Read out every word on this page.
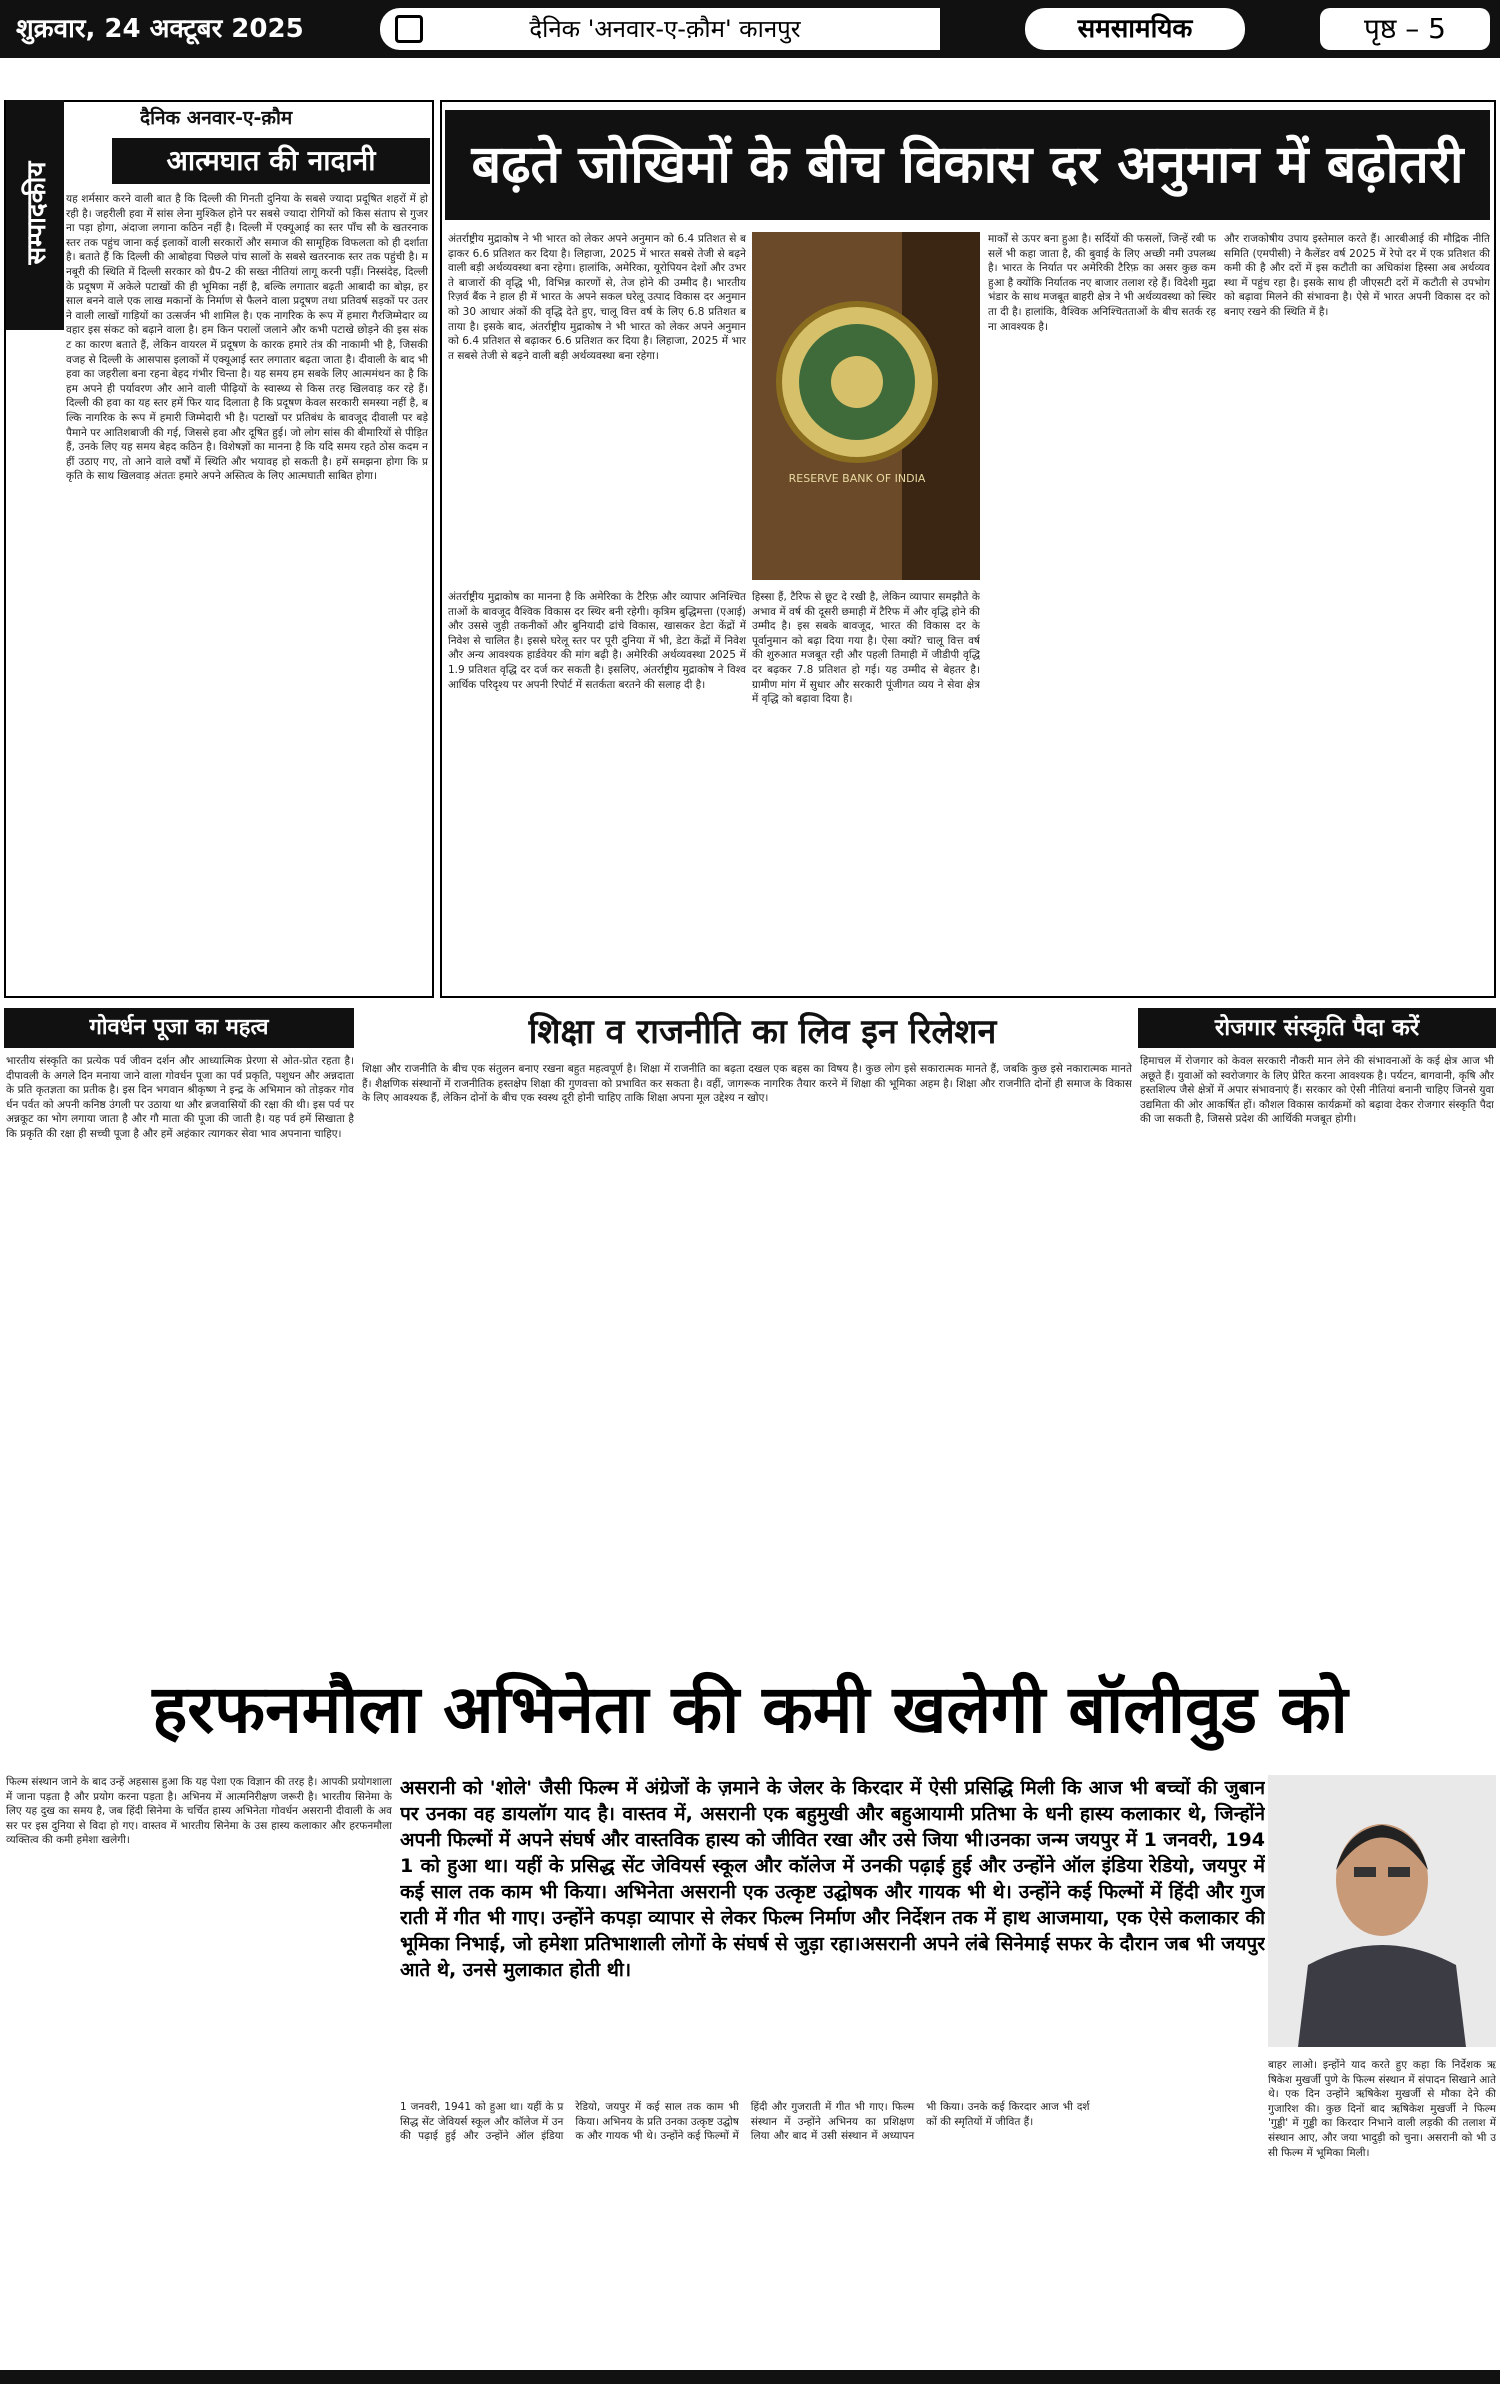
शुक्रवार, 24 अक्टूबर 2025	दैनिक 'अनवार-ए-क़ौम' कानपुर	समसामयिक	पृष्ठ – 5
सम्पादकीय
दैनिक अनवार-ए-क़ौम
आत्मघात की नादानी
यह शर्मसार करने वाली बात है कि दिल्ली की गिनती दुनिया के सबसे ज्यादा प्रदूषित शहरों में हो रही है। जहरीली हवा में सांस लेना मुश्किल होने पर सबसे ज्यादा रोगियों को किस संताप से गुजरना पड़ा होगा, अंदाजा लगाना कठिन नहीं है। दिल्ली में एक्यूआई का स्तर पाँच सौ के खतरनाक स्तर तक पहुंच जाना कई इलाकों वाली सरकारों और समाज की सामूहिक विफलता को ही दर्शाता है। बताते हैं कि दिल्ली की आबोहवा पिछले पांच सालों के सबसे खतरनाक स्तर तक पहुंची है। मनबूरी की स्थिति में दिल्ली सरकार को ग्रैप-2 की सख्त नीतियां लागू करनी पड़ीं। निस्संदेह, दिल्ली के प्रदूषण में अकेले पटाखों की ही भूमिका नहीं है, बल्कि लगातार बढ़ती आबादी का बोझ, हर साल बनने वाले एक लाख मकानों के निर्माण से फैलने वाला प्रदूषण तथा प्रतिवर्ष सड़कों पर उतरने वाली लाखों गाड़ियों का उत्सर्जन भी शामिल है। एक नागरिक के रूप में हमारा गैरजिम्मेदार व्यवहार इस संकट को बढ़ाने वाला है। हम किन परालों जलाने और कभी पटाखे छोड़ने की इस संकट का कारण बताते हैं, लेकिन वायरल में प्रदूषण के कारक हमारे तंत्र की नाकामी भी है, जिसकी वजह से दिल्ली के आसपास इलाकों में एक्यूआई स्तर लगातार बढ़ता जाता है। दीवाली के बाद भी हवा का जहरीला बना रहना बेहद गंभीर चिन्ता है। यह समय हम सबके लिए आत्ममंथन का है कि हम अपने ही पर्यावरण और आने वाली पीढ़ियों के स्वास्थ्य से किस तरह खिलवाड़ कर रहे हैं। दिल्ली की हवा का यह स्तर हमें फिर याद दिलाता है कि प्रदूषण केवल सरकारी समस्या नहीं है, बल्कि नागरिक के रूप में हमारी जिम्मेदारी भी है। पटाखों पर प्रतिबंध के बावजूद दीवाली पर बड़े पैमाने पर आतिशबाजी की गई, जिससे हवा और दूषित हुई। जो लोग सांस की बीमारियों से पीड़ित हैं, उनके लिए यह समय बेहद कठिन है। विशेषज्ञों का मानना है कि यदि समय रहते ठोस कदम नहीं उठाए गए, तो आने वाले वर्षों में स्थिति और भयावह हो सकती है। हमें समझना होगा कि प्रकृति के साथ खिलवाड़ अंततः हमारे अपने अस्तित्व के लिए आत्मघाती साबित होगा।
बढ़ते जोखिमों के बीच विकास दर अनुमान में बढ़ोतरी
अंतर्राष्ट्रीय मुद्राकोष ने भी भारत को लेकर अपने अनुमान को 6.4 प्रतिशत से बढ़ाकर 6.6 प्रतिशत कर दिया है। लिहाजा, 2025 में भारत सबसे तेजी से बढ़ने वाली बड़ी अर्थव्यवस्था बना रहेगा। हालांकि, अमेरिका, यूरोपियन देशों और उभरते बाजारों की वृद्धि भी, विभिन्न कारणों से, तेज होने की उम्मीद है। भारतीय रिज़र्व बैंक ने हाल ही में भारत के अपने सकल घरेलू उत्पाद विकास दर अनुमान को 30 आधार अंकों की वृद्धि देते हुए, चालू वित्त वर्ष के लिए 6.8 प्रतिशत बताया है। इसके बाद, अंतर्राष्ट्रीय मुद्राकोष ने भी भारत को लेकर अपने अनुमान को 6.4 प्रतिशत से बढ़ाकर 6.6 प्रतिशत कर दिया है। लिहाजा, 2025 में भारत सबसे तेजी से बढ़ने वाली बड़ी अर्थव्यवस्था बना रहेगा।
RESERVE BANK OF INDIA
अंतर्राष्ट्रीय मुद्राकोष का मानना है कि अमेरिका के टैरिफ़ और व्यापार अनिश्चितताओं के बावजूद वैश्विक विकास दर स्थिर बनी रहेगी। कृत्रिम बुद्धिमत्ता (एआई) और उससे जुड़ी तकनीकों और बुनियादी ढांचे विकास, खासकर डेटा केंद्रों में निवेश से चालित है। इससे घरेलू स्तर पर पूरी दुनिया में भी, डेटा केंद्रों में निवेश और अन्य आवश्यक हार्डवेयर की मांग बढ़ी है। अमेरिकी अर्थव्यवस्था 2025 में 1.9 प्रतिशत वृद्धि दर दर्ज कर सकती है। इसलिए, अंतर्राष्ट्रीय मुद्राकोष ने विश्व आर्थिक परिदृश्य पर अपनी रिपोर्ट में सतर्कता बरतने की सलाह दी है।
हिस्सा हैं, टैरिफ से छूट दे रखी है, लेकिन व्यापार समझौते के अभाव में वर्ष की दूसरी छमाही में टैरिफ में और वृद्धि होने की उम्मीद है। इस सबके बावजूद, भारत की विकास दर के पूर्वानुमान को बढ़ा दिया गया है। ऐसा क्यों? चालू वित्त वर्ष की शुरुआत मजबूत रही और पहली तिमाही में जीडीपी वृद्धि दर बढ़कर 7.8 प्रतिशत हो गई। यह उम्मीद से बेहतर है। ग्रामीण मांग में सुधार और सरकारी पूंजीगत व्यय ने सेवा क्षेत्र में वृद्धि को बढ़ावा दिया है।
मार्कों से ऊपर बना हुआ है। सर्दियों की फसलों, जिन्हें रबी फसलें भी कहा जाता है, की बुवाई के लिए अच्छी नमी उपलब्ध है। भारत के निर्यात पर अमेरिकी टैरिफ़ का असर कुछ कम हुआ है क्योंकि निर्यातक नए बाजार तलाश रहे हैं। विदेशी मुद्रा भंडार के साथ मजबूत बाहरी क्षेत्र ने भी अर्थव्यवस्था को स्थिरता दी है। हालांकि, वैश्विक अनिश्चितताओं के बीच सतर्क रहना आवश्यक है।
और राजकोषीय उपाय इस्तेमाल करते हैं। आरबीआई की मौद्रिक नीति समिति (एमपीसी) ने कैलेंडर वर्ष 2025 में रेपो दर में एक प्रतिशत की कमी की है और दरों में इस कटौती का अधिकांश हिस्सा अब अर्थव्यवस्था में पहुंच रहा है। इसके साथ ही जीएसटी दरों में कटौती से उपभोग को बढ़ावा मिलने की संभावना है। ऐसे में भारत अपनी विकास दर को बनाए रखने की स्थिति में है।
गोवर्धन पूजा का महत्व
भारतीय संस्कृति का प्रत्येक पर्व जीवन दर्शन और आध्यात्मिक प्रेरणा से ओत-प्रोत रहता है। दीपावली के अगले दिन मनाया जाने वाला गोवर्धन पूजा का पर्व प्रकृति, पशुधन और अन्नदाता के प्रति कृतज्ञता का प्रतीक है। इस दिन भगवान श्रीकृष्ण ने इन्द्र के अभिमान को तोड़कर गोवर्धन पर्वत को अपनी कनिष्ठ उंगली पर उठाया था और ब्रजवासियों की रक्षा की थी। इस पर्व पर अन्नकूट का भोग लगाया जाता है और गौ माता की पूजा की जाती है। यह पर्व हमें सिखाता है कि प्रकृति की रक्षा ही सच्ची पूजा है और हमें अहंकार त्यागकर सेवा भाव अपनाना चाहिए।
शिक्षा व राजनीति का लिव इन रिलेशन
शिक्षा और राजनीति के बीच एक संतुलन बनाए रखना बहुत महत्वपूर्ण है। शिक्षा में राजनीति का बढ़ता दखल एक बहस का विषय है। कुछ लोग इसे सकारात्मक मानते हैं, जबकि कुछ इसे नकारात्मक मानते हैं। शैक्षणिक संस्थानों में राजनीतिक हस्तक्षेप शिक्षा की गुणवत्ता को प्रभावित कर सकता है। वहीं, जागरूक नागरिक तैयार करने में शिक्षा की भूमिका अहम है। शिक्षा और राजनीति दोनों ही समाज के विकास के लिए आवश्यक हैं, लेकिन दोनों के बीच एक स्वस्थ दूरी होनी चाहिए ताकि शिक्षा अपना मूल उद्देश्य न खोए।
रोजगार संस्कृति पैदा करें
हिमाचल में रोजगार को केवल सरकारी नौकरी मान लेने की संभावनाओं के कई क्षेत्र आज भी अछूते हैं। युवाओं को स्वरोजगार के लिए प्रेरित करना आवश्यक है। पर्यटन, बागवानी, कृषि और हस्तशिल्प जैसे क्षेत्रों में अपार संभावनाएं हैं। सरकार को ऐसी नीतियां बनानी चाहिए जिनसे युवा उद्यमिता की ओर आकर्षित हों। कौशल विकास कार्यक्रमों को बढ़ावा देकर रोजगार संस्कृति पैदा की जा सकती है, जिससे प्रदेश की आर्थिकी मजबूत होगी।
हरफनमौला अभिनेता की कमी खलेगी बॉलीवुड को
फिल्म संस्थान जाने के बाद उन्हें अहसास हुआ कि यह पेशा एक विज्ञान की तरह है। आपकी प्रयोगशाला में जाना पड़ता है और प्रयोग करना पड़ता है। अभिनय में आत्मनिरीक्षण जरूरी है। भारतीय सिनेमा के लिए यह दुख का समय है, जब हिंदी सिनेमा के चर्चित हास्य अभिनेता गोवर्धन असरानी दीवाली के अवसर पर इस दुनिया से विदा हो गए। वास्तव में भारतीय सिनेमा के उस हास्य कलाकार और हरफनमौला व्यक्तित्व की कमी हमेशा खलेगी।
असरानी को 'शोले' जैसी फिल्म में अंग्रेजों के ज़माने के जेलर के किरदार में ऐसी प्रसिद्धि मिली कि आज भी बच्चों की जुबान पर उनका वह डायलॉग याद है। वास्तव में, असरानी एक बहुमुखी और बहुआयामी प्रतिभा के धनी हास्य कलाकार थे, जिन्होंने अपनी फिल्मों में अपने संघर्ष और वास्तविक हास्य को जीवित रखा और उसे जिया भी।उनका जन्म जयपुर में 1 जनवरी, 1941 को हुआ था। यहीं के प्रसिद्ध सेंट जेवियर्स स्कूल और कॉलेज में उनकी पढ़ाई हुई और उन्होंने ऑल इंडिया रेडियो, जयपुर में कई साल तक काम भी किया। अभिनेता असरानी एक उत्कृष्ट उद्घोषक और गायक भी थे। उन्होंने कई फिल्मों में हिंदी और गुजराती में गीत भी गाए। उन्होंने कपड़ा व्यापार से लेकर फिल्म निर्माण और निर्देशन तक में हाथ आजमाया, एक ऐसे कलाकार की भूमिका निभाई, जो हमेशा प्रतिभाशाली लोगों के संघर्ष से जुड़ा रहा।असरानी अपने लंबे सिनेमाई सफर के दौरान जब भी जयपुर आते थे, उनसे मुलाकात होती थी।
बाहर लाओ। इन्होंने याद करते हुए कहा कि निर्देशक ऋषिकेश मुखर्जी पुणे के फिल्म संस्थान में संपादन सिखाने आते थे। एक दिन उन्होंने ऋषिकेश मुखर्जी से मौका देने की गुजारिश की। कुछ दिनों बाद ऋषिकेश मुखर्जी ने फिल्म 'गुड्डी' में गुड्डी का किरदार निभाने वाली लड़की की तलाश में संस्थान आए, और जया भादुड़ी को चुना। असरानी को भी उसी फिल्म में भूमिका मिली।
1 जनवरी, 1941 को हुआ था। यहीं के प्रसिद्ध सेंट जेवियर्स स्कूल और कॉलेज में उनकी पढ़ाई हुई और उन्होंने ऑल इंडिया रेडियो, जयपुर में कई साल तक काम भी किया। अभिनय के प्रति उनका उत्कृष्ट उद्घोषक और गायक भी थे। उन्होंने कई फिल्मों में हिंदी और गुजराती में गीत भी गाए। फिल्म संस्थान में उन्होंने अभिनय का प्रशिक्षण लिया और बाद में उसी संस्थान में अध्यापन भी किया। उनके कई किरदार आज भी दर्शकों की स्मृतियों में जीवित हैं।
